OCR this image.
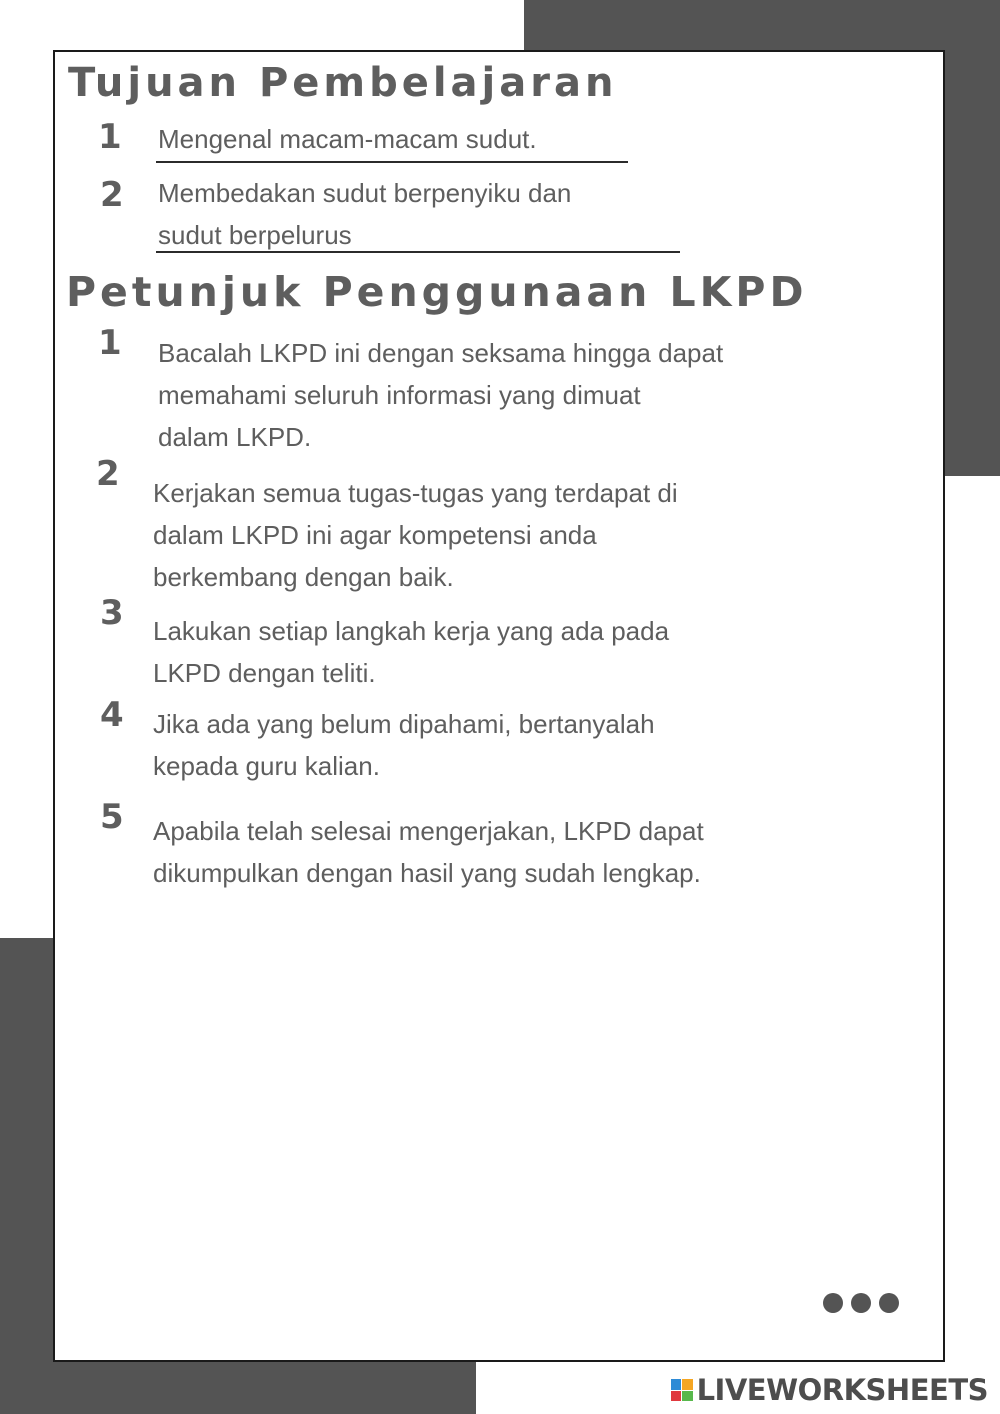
Tujuan Pembelajaran
1 Mengenal macam-macam sudut.

2 Membedakan sudut berpenyiku dan
sudut berpelurus

Petunjuk Penggunaan LKPD
1 Bacalah LKPD ini dengan seksama hingga dapat
memahami seluruh informasi yang dimuat
dalam LKPD.

2 Kerjakan semua tugas-tugas yang terdapat di
dalam LKPD ini agar kompetensi anda
berkembang dengan baik.

3 Lakukan setiap langkah kerja yang ada pada
LKPD dengan teliti.

4 Jika ada yang belum dipahami, bertanyalah
kepada guru kalian.

5 Apabila telah selesai mengerjakan, LKPD dapat
dikumpulkan dengan hasil yang sudah lengkap.

LIVEWORKSHEETS
